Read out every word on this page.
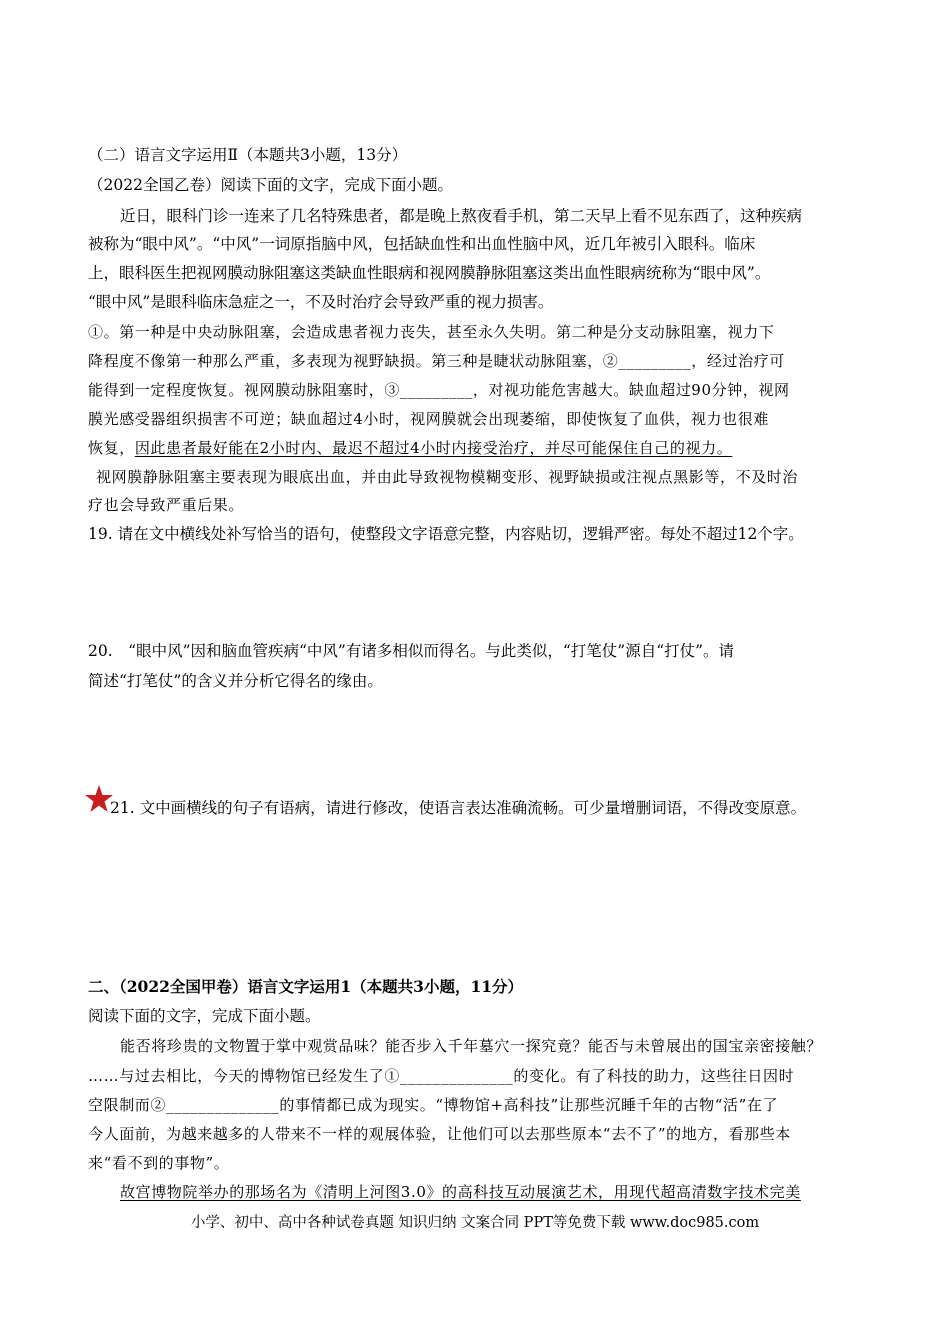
（二）语言文字运用Ⅱ（本题共3小题，13分）
（2022全国乙卷）阅读下面的文字，完成下面小题。
近日，眼科门诊一连来了几名特殊患者，都是晚上熬夜看手机，第二天早上看不见东西了，这种疾病
被称为“眼中风”。“中风”一词原指脑中风，包括缺血性和出血性脑中风，近几年被引入眼科。临床
上，眼科医生把视网膜动脉阻塞这类缺血性眼病和视网膜静脉阻塞这类出血性眼病统称为“眼中风”。
“眼中风”是眼科临床急症之一，不及时治疗会导致严重的视力损害。
①。第一种是中央动脉阻塞，会造成患者视力丧失，甚至永久失明。第二种是分支动脉阻塞，视力下
降程度不像第一种那么严重，多表现为视野缺损。第三种是睫状动脉阻塞，②_________，经过治疗可
能得到一定程度恢复。视网膜动脉阻塞时，③_________，对视功能危害越大。缺血超过90分钟，视网
膜光感受器组织损害不可逆；缺血超过4小时，视网膜就会出现萎缩，即使恢复了血供，视力也很难
恢复，因此患者最好能在2小时内、最迟不超过4小时内接受治疗，并尽可能保住自己的视力。
视网膜静脉阻塞主要表现为眼底出血，并由此导致视物模糊变形、视野缺损或注视点黑影等，不及时治
疗也会导致严重后果。
19. 请在文中横线处补写恰当的语句，使整段文字语意完整，内容贴切，逻辑严密。每处不超过12个字。
20.　“眼中风”因和脑血管疾病“中风”有诸多相似而得名。与此类似，“打笔仗”源自“打仗”。请
简述“打笔仗”的含义并分析它得名的缘由。
21. 文中画横线的句子有语病，请进行修改，使语言表达准确流畅。可少量增删词语，不得改变原意。
二、（2022全国甲卷）语言文字运用1（本题共3小题，11分）
阅读下面的文字，完成下面小题。
能否将珍贵的文物置于掌中观赏品味？能否步入千年墓穴一探究竟？能否与未曾展出的国宝亲密接触？
……与过去相比，今天的博物馆已经发生了①______________的变化。有了科技的助力，这些往日因时
空限制而②______________的事情都已成为现实。“博物馆+高科技”让那些沉睡千年的古物“活”在了
今人面前，为越来越多的人带来不一样的观展体验，让他们可以去那些原本“去不了”的地方，看那些本
来“看不到的事物”。
故宫博物院举办的那场名为《清明上河图3.0》的高科技互动展演艺术，用现代超高清数字技术完美
小学、初中、高中各种试卷真题 知识归纳 文案合同 PPT等免费下载 www.doc985.com
